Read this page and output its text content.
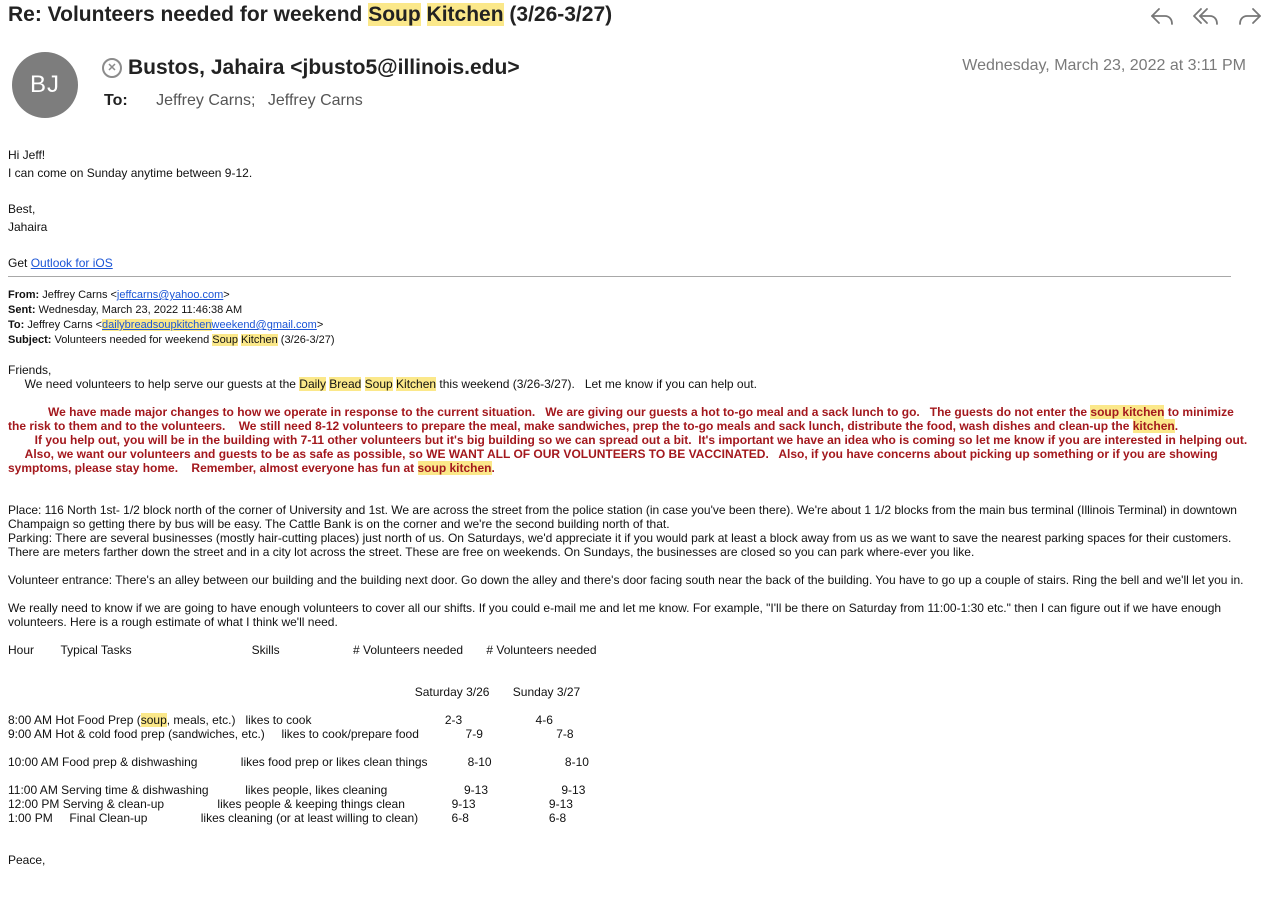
Re: Volunteers needed for weekend Soup Kitchen (3/26-3/27)
BJ
✕ Bustos, Jahaira <jbusto5@illinois.edu>
To: Jeffrey Carns; Jeffrey Carns
Wednesday, March 23, 2022 at 3:11 PM

Hi Jeff!

I can come on Sunday anytime between 9-12.

Best,

Jahaira

Get Outlook for iOS

From: Jeffrey Carns <jeffcarns@yahoo.com>
Sent: Wednesday, March 23, 2022 11:46:38 AM
To: Jeffrey Carns <dailybreadsoupkitchenweekend@gmail.com>
Subject: Volunteers needed for weekend Soup Kitchen (3/26-3/27)

Friends,

We need volunteers to help serve our guests at the Daily Bread Soup Kitchen this weekend (3/26-3/27).   Let me know if you can help out.

We have made major changes to how we operate in response to the current situation.   We are giving our guests a hot to-go meal and a sack lunch to go.   The guests do not enter the soup kitchen to minimize the risk to them and to the volunteers.    We still need 8-12 volunteers to prepare the meal, make sandwiches, prep the to-go meals and sack lunch, distribute the food, wash dishes and clean-up the kitchen.

If you help out, you will be in the building with 7-11 other volunteers but it's big building so we can spread out a bit.  It's important we have an idea who is coming so let me know if you are interested in helping out.

Also, we want our volunteers and guests to be as safe as possible, so WE WANT ALL OF OUR VOLUNTEERS TO BE VACCINATED.   Also, if you have concerns about picking up something or if you are showing symptoms, please stay home.    Remember, almost everyone has fun at soup kitchen.

Place: 116 North 1st- 1/2 block north of the corner of University and 1st. We are across the street from the police station (in case you've been there). We're about 1 1/2 blocks from the main bus terminal (Illinois Terminal) in downtown Champaign so getting there by bus will be easy. The Cattle Bank is on the corner and we're the second building north of that.

Parking: There are several businesses (mostly hair-cutting places) just north of us. On Saturdays, we'd appreciate it if you would park at least a block away from us as we want to save the nearest parking spaces for their customers. There are meters farther down the street and in a city lot across the street. These are free on weekends. On Sundays, the businesses are closed so you can park where-ever you like.

Volunteer entrance: There's an alley between our building and the building next door. Go down the alley and there's door facing south near the back of the building. You have to go up a couple of stairs. Ring the bell and we'll let you in.

We really need to know if we are going to have enough volunteers to cover all our shifts. If you could e-mail me and let me know. For example, "I'll be there on Saturday from 11:00-1:30 etc." then I can figure out if we have enough volunteers. Here is a rough estimate of what I think we'll need.

Hour        Typical Tasks                                    Skills                      # Volunteers needed       # Volunteers needed

Saturday 3/26       Sunday 3/27

8:00 AM Hot Food Prep (soup, meals, etc.)   likes to cook                                        2-3                      4-6

9:00 AM Hot & cold food prep (sandwiches, etc.)     likes to cook/prepare food              7-9                      7-8

10:00 AM Food prep & dishwashing             likes food prep or likes clean things            8-10                      8-10

11:00 AM Serving time & dishwashing           likes people, likes cleaning                       9-13                      9-13

12:00 PM Serving & clean-up                likes people & keeping things clean              9-13                      9-13

1:00 PM     Final Clean-up                likes cleaning (or at least willing to clean)          6-8                        6-8

Peace,
